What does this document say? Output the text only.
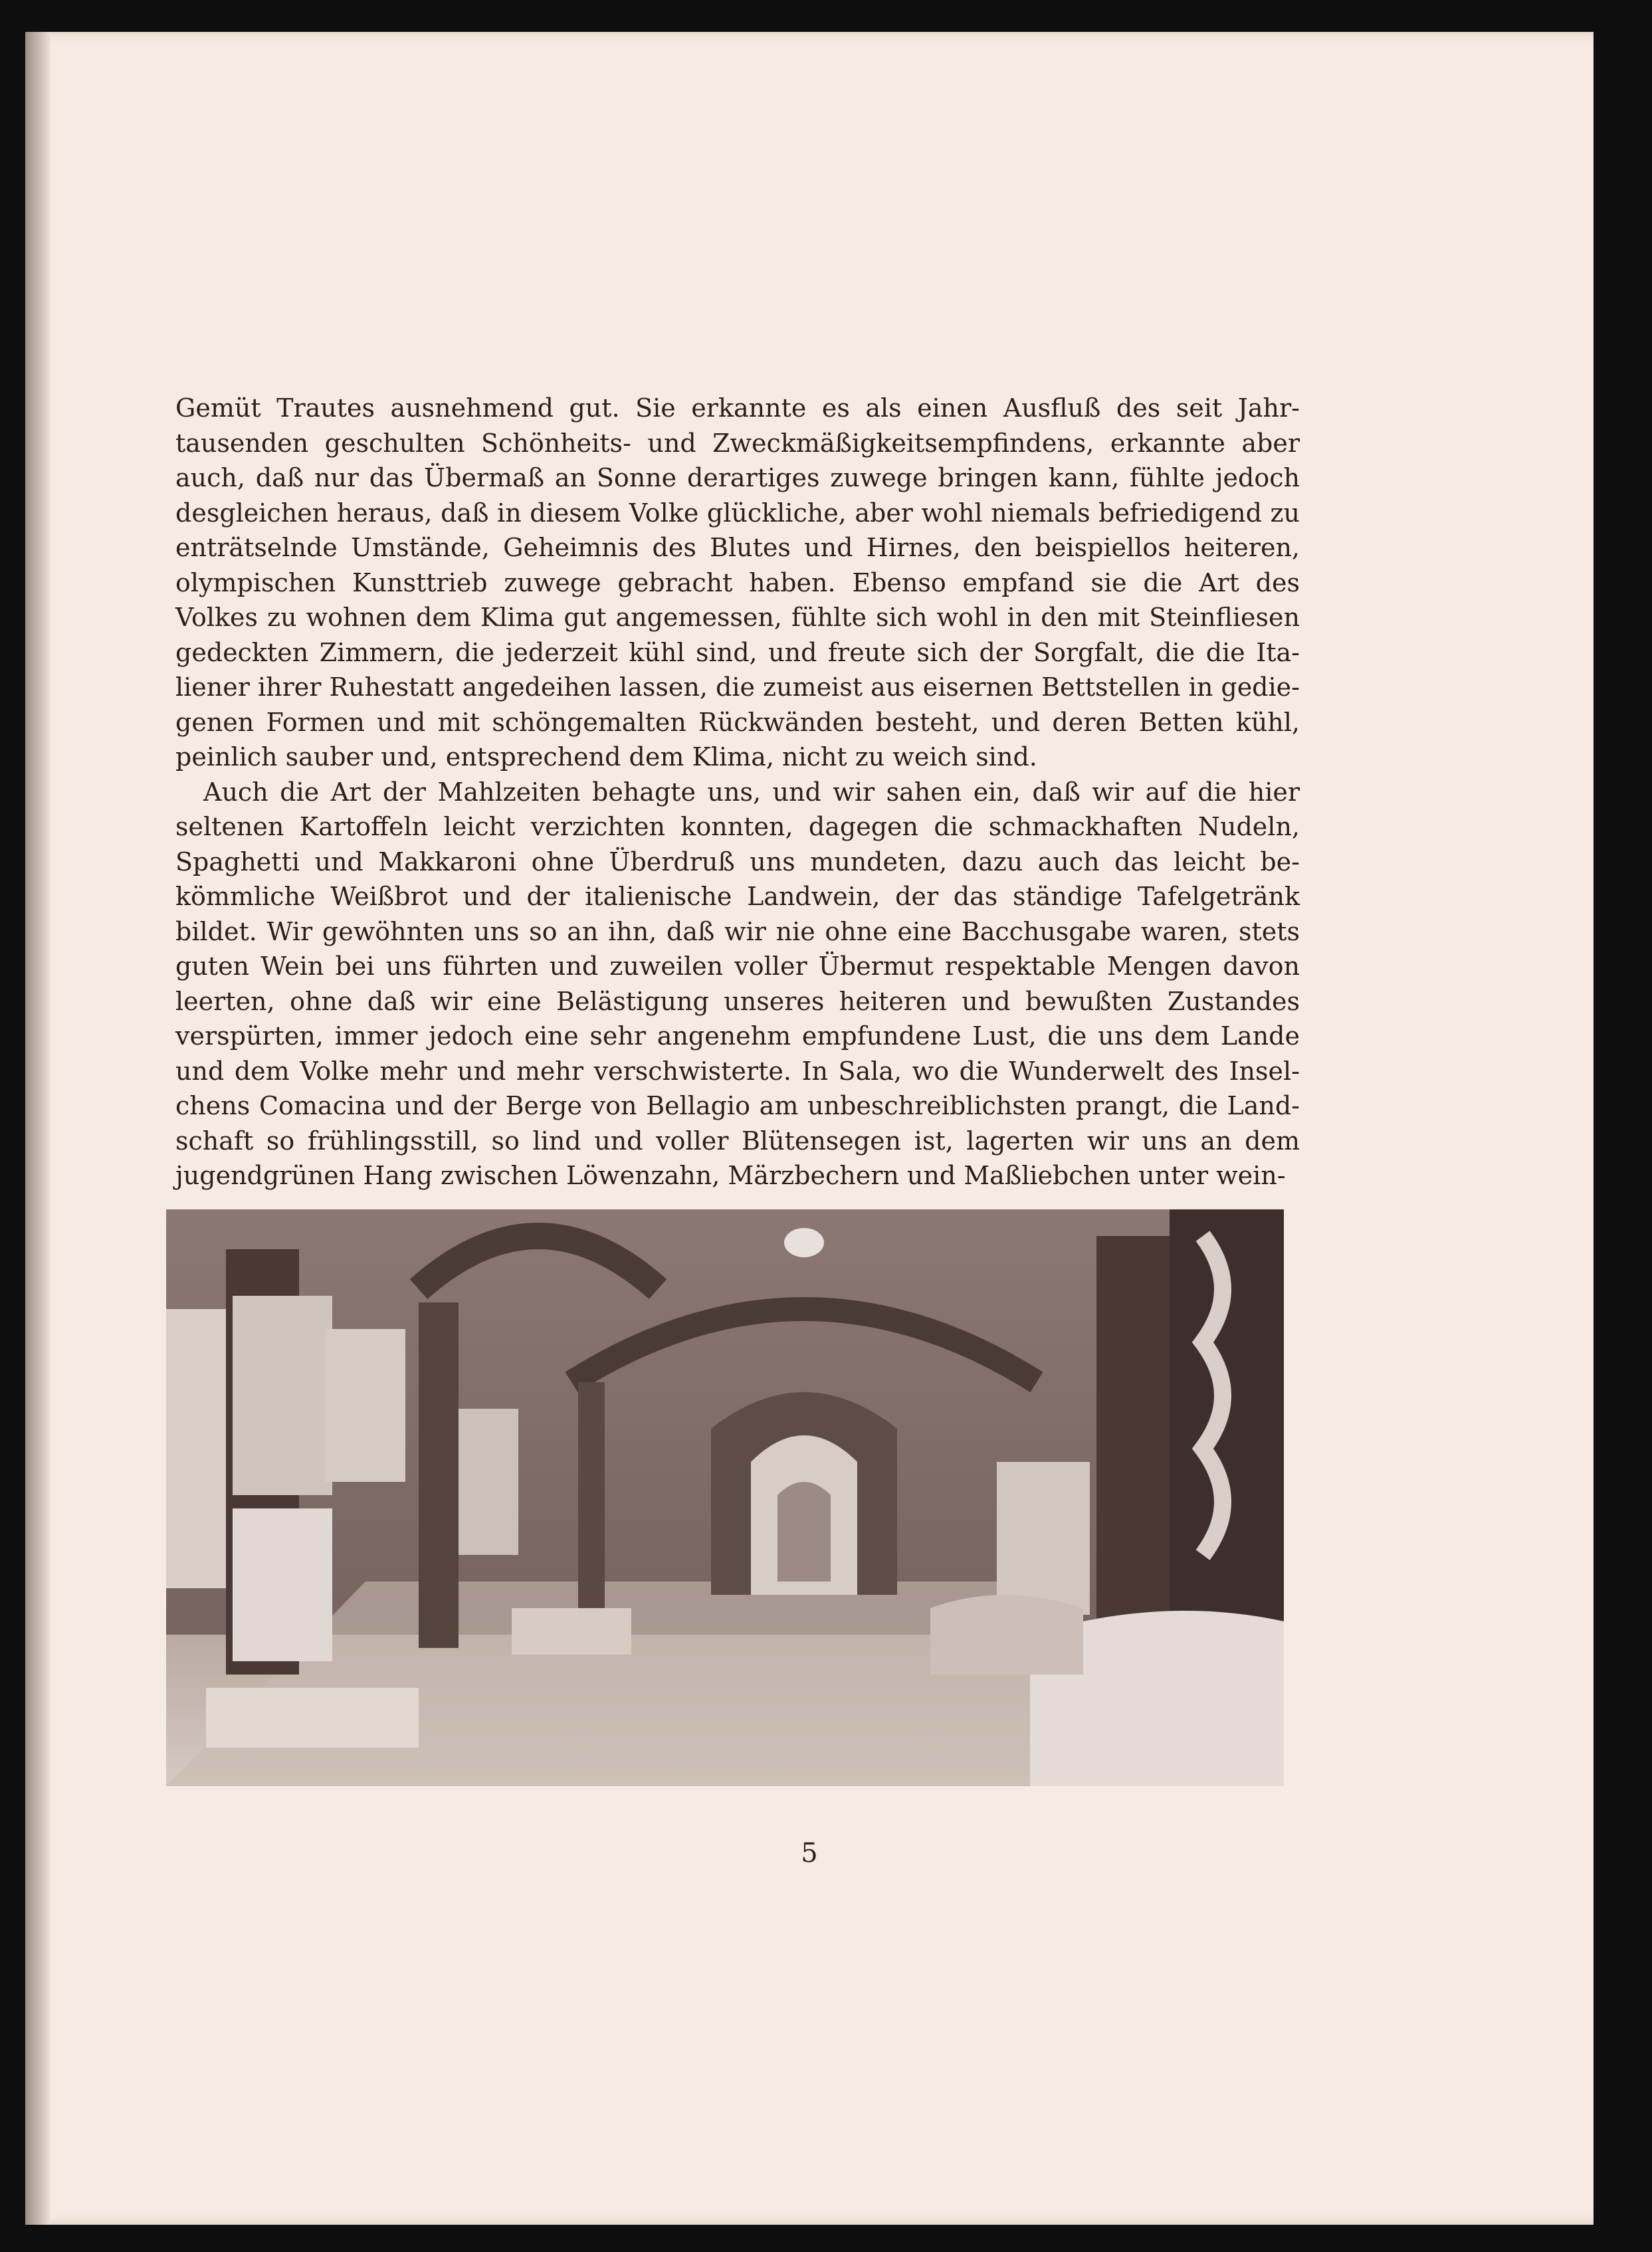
Gemüt Trautes ausnehmend gut. Sie erkannte es als einen Ausfluß des seit Jahrtausenden geschulten Schönheits- und Zweckmäßigkeitsempfindens, erkannte aber auch, daß nur das Übermaß an Sonne derartiges zuwege bringen kann, fühlte jedoch desgleichen heraus, daß in diesem Volke glückliche, aber wohl niemals befriedigend zu enträtselnde Umstände, Geheimnis des Blutes und Hirnes, den beispiellos heiteren, olympischen Kunsttrieb zuwege gebracht haben. Ebenso empfand sie die Art des Volkes zu wohnen dem Klima gut angemessen, fühlte sich wohl in den mit Steinfliesen gedeckten Zimmern, die jederzeit kühl sind, und freute sich der Sorgfalt, die die Italiener ihrer Ruhestatt angedeihen lassen, die zumeist aus eisernen Bettstellen in gediegenen Formen und mit schöngemalten Rückwänden besteht, und deren Betten kühl, peinlich sauber und, entsprechend dem Klima, nicht zu weich sind.

Auch die Art der Mahlzeiten behagte uns, und wir sahen ein, daß wir auf die hier seltenen Kartoffeln leicht verzichten konnten, dagegen die schmackhaften Nudeln, Spaghetti und Makkaroni ohne Überdruß uns mundeten, dazu auch das leicht bekömmliche Weißbrot und der italienische Landwein, der das ständige Tafelgetränk bildet. Wir gewöhnten uns so an ihn, daß wir nie ohne eine Bacchusgabe waren, stets guten Wein bei uns führten und zuweilen voller Übermut respektable Mengen davon leerten, ohne daß wir eine Belästigung unseres heiteren und bewußten Zustandes verspürten, immer jedoch eine sehr angenehm empfundene Lust, die uns dem Lande und dem Volke mehr und mehr verschwisterte. In Sala, wo die Wunderwelt des Inselchens Comacina und der Berge von Bellagio am unbeschreiblichsten prangt, die Landschaft so frühlingsstill, so lind und voller Blütensegen ist, lagerten wir uns an dem jugendgrünen Hang zwischen Löwenzahn, Märzbechern und Maßliebchen unter wein-

5
